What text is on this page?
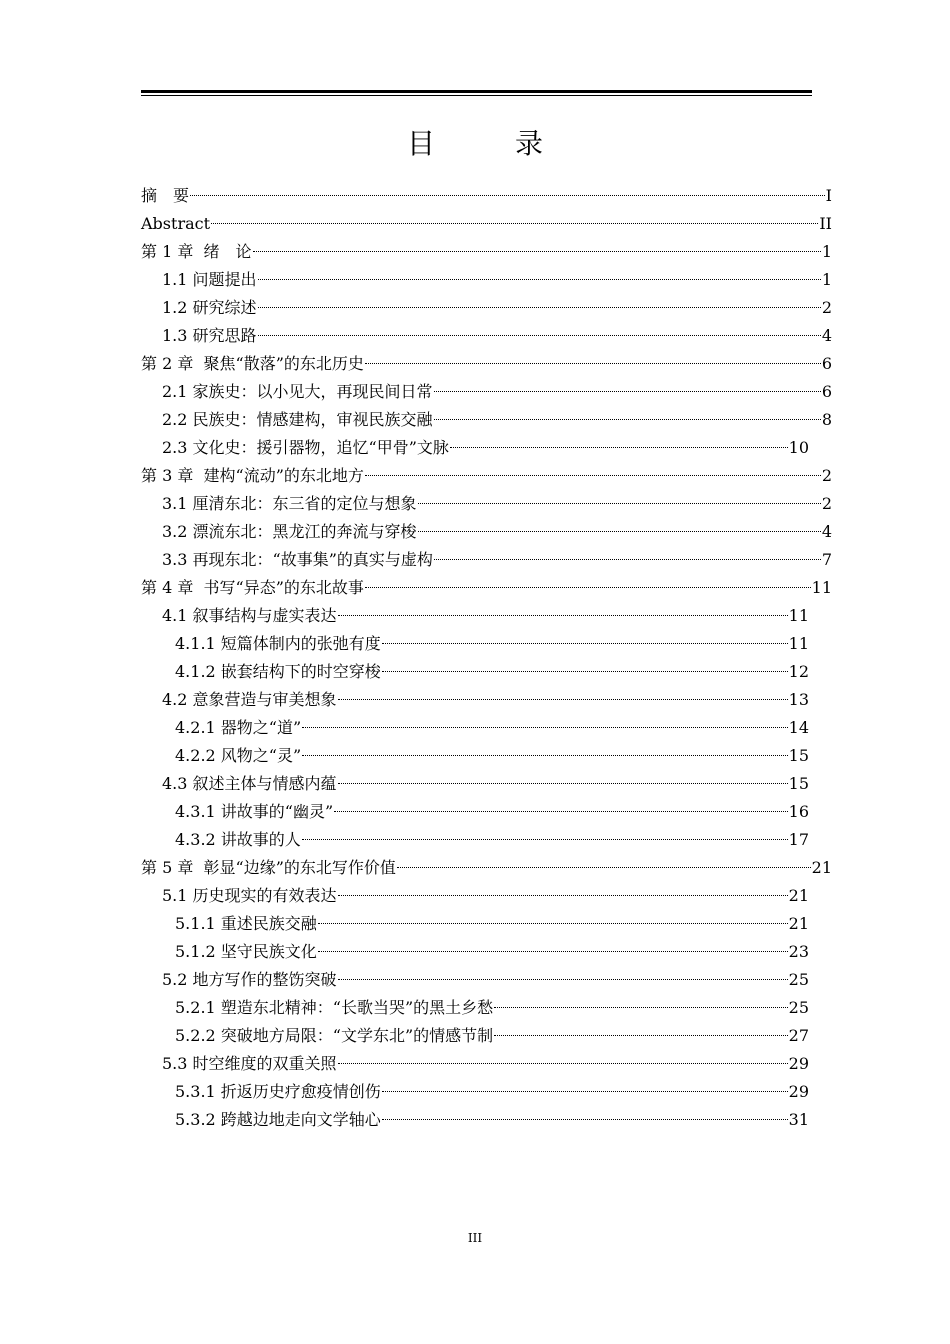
目　录
摘　要	I
Abstract	II
第 1 章  绪　论	1
1.1 问题提出	1
1.2 研究综述	2
1.3 研究思路	4
第 2 章  聚焦“散落”的东北历史	6
2.1 家族史：以小见大，再现民间日常	6
2.2 民族史：情感建构，审视民族交融	8
2.3 文化史：援引器物，追忆“甲骨”文脉	10
第 3 章  建构“流动”的东北地方	2
3.1 厘清东北：东三省的定位与想象	2
3.2 漂流东北：黑龙江的奔流与穿梭	4
3.3 再现东北：“故事集”的真实与虚构	7
第 4 章  书写“异态”的东北故事	11
4.1 叙事结构与虚实表达	11
4.1.1 短篇体制内的张弛有度	11
4.1.2 嵌套结构下的时空穿梭	12
4.2 意象营造与审美想象	13
4.2.1 器物之“道”	14
4.2.2 风物之“灵”	15
4.3 叙述主体与情感内蕴	15
4.3.1 讲故事的“幽灵”	16
4.3.2 讲故事的人	17
第 5 章  彰显“边缘”的东北写作价值	21
5.1 历史现实的有效表达	21
5.1.1 重述民族交融	21
5.1.2 坚守民族文化	23
5.2 地方写作的整饬突破	25
5.2.1 塑造东北精神：“长歌当哭”的黑土乡愁	25
5.2.2 突破地方局限：“文学东北”的情感节制	27
5.3 时空维度的双重关照	29
5.3.1 折返历史疗愈疫情创伤	29
5.3.2 跨越边地走向文学轴心	31
III
